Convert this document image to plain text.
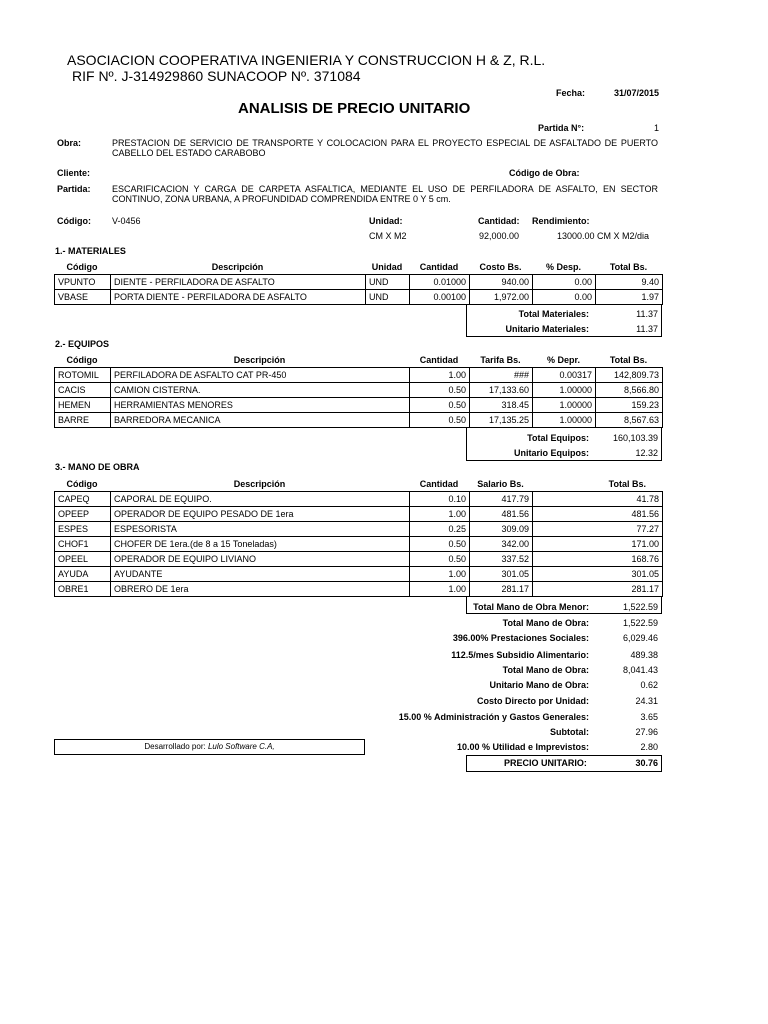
ASOCIACION COOPERATIVA INGENIERIA Y CONSTRUCCION H & Z, R.L.
RIF Nº. J-314929860 SUNACOOP Nº. 371084
Fecha:	31/07/2015
ANALISIS DE PRECIO UNITARIO
Partida N°:	1
Obra:	PRESTACION DE SERVICIO DE TRANSPORTE Y COLOCACION PARA EL PROYECTO ESPECIAL DE ASFALTADO DE PUERTO CABELLO DEL ESTADO CARABOBO
Cliente:	Código de Obra:
Partida: ESCARIFICACION Y CARGA DE CARPETA ASFALTICA, MEDIANTE EL USO DE PERFILADORA DE ASFALTO, EN SECTOR CONTINUO, ZONA URBANA, A PROFUNDIDAD COMPRENDIDA ENTRE 0 Y 5 cm.
Código: V-0456	Unidad:	Cantidad: Rendimiento:
CM X M2	92,000.00	13000.00 CM X M2/dia
1.- MATERIALES
Código	Descripción	Unidad	Cantidad	Costo Bs.	% Desp.	Total Bs.
VPUNTO	DIENTE - PERFILADORA DE ASFALTO	UND	0.01000	940.00	0.00	9.40
VBASE	PORTA DIENTE - PERFILADORA DE ASFALTO	UND	0.00100	1,972.00	0.00	1.97
Total Materiales:	11.37
Unitario Materiales:	11.37
2.- EQUIPOS
Código	Descripción	Cantidad	Tarifa Bs.	% Depr.	Total Bs.
ROTOMIL	PERFILADORA DE ASFALTO CAT PR-450	1.00	###	0.00317	142,809.73
CACIS	CAMION CISTERNA.	0.50	17,133.60	1.00000	8,566.80
HEMEN	HERRAMIENTAS MENORES	0.50	318.45	1.00000	159.23
BARRE	BARREDORA MECANICA	0.50	17,135.25	1.00000	8,567.63
Total Equipos:	160,103.39
Unitario Equipos:	12.32
3.- MANO DE OBRA
Código	Descripción	Cantidad	Salario Bs.	Total Bs.
CAPEQ	CAPORAL DE EQUIPO.	0.10	417.79	41.78
OPEEP	OPERADOR DE EQUIPO PESADO DE 1era	1.00	481.56	481.56
ESPES	ESPESORISTA	0.25	309.09	77.27
CHOF1	CHOFER DE 1era.(de 8 a 15 Toneladas)	0.50	342.00	171.00
OPEEL	OPERADOR DE EQUIPO LIVIANO	0.50	337.52	168.76
AYUDA	AYUDANTE	1.00	301.05	301.05
OBRE1	OBRERO DE 1era	1.00	281.17	281.17
Total Mano de Obra Menor:	1,522.59
Total Mano de Obra:	1,522.59
396.00% Prestaciones Sociales:	6,029.46
112.5/mes Subsidio Alimentario:	489.38
Total Mano de Obra:	8,041.43
Unitario Mano de Obra:	0.62
Costo Directo por Unidad:	24.31
15.00 % Administración y Gastos Generales:	3.65
Subtotal:	27.96
10.00 % Utilidad e Imprevistos:	2.80
PRECIO UNITARIO:	30.76
Desarrollado por: Lulo Software C.A,
